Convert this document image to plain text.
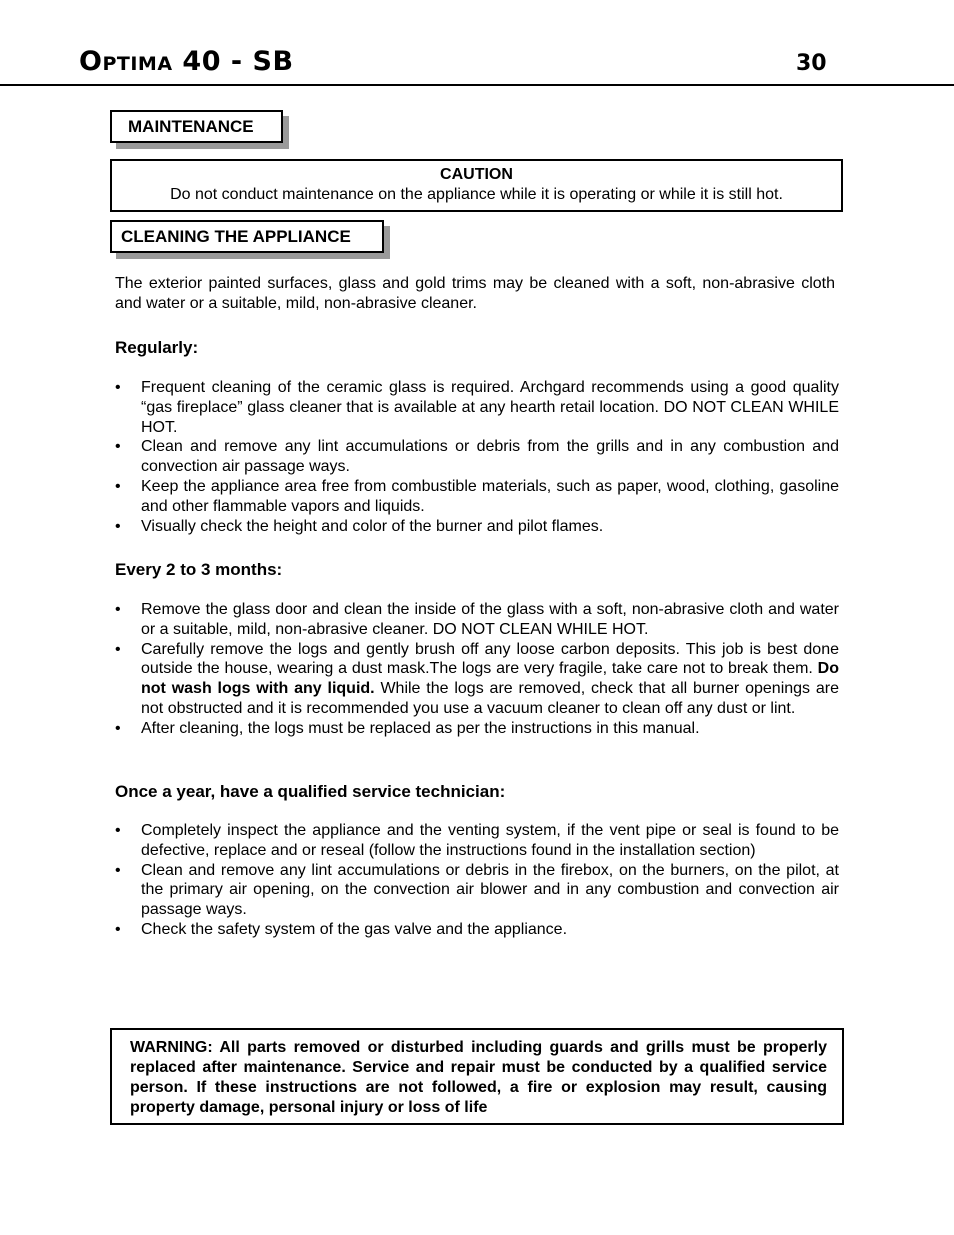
Optima 40 - SB	30
MAINTENANCE
CAUTION
Do not conduct maintenance on the appliance while it is operating or while it is still hot.
CLEANING THE APPLIANCE
The exterior painted surfaces, glass and gold trims may be cleaned with a soft, non-abrasive cloth and water or a suitable, mild, non-abrasive cleaner.
Regularly:
• Frequent cleaning of the ceramic glass is required. Archgard recommends using a good quality “gas fireplace” glass cleaner that is available at any hearth retail location. DO NOT CLEAN WHILE HOT.
• Clean and remove any lint accumulations or debris from the grills and in any combustion and convection air passage ways.
• Keep the appliance area free from combustible materials, such as paper, wood, clothing, gasoline and other flammable vapors and liquids.
• Visually check the height and color of the burner and pilot flames.
Every 2 to 3 months:
• Remove the glass door and clean the inside of the glass with a soft, non-abrasive cloth and water or a suitable, mild, non-abrasive cleaner. DO NOT CLEAN WHILE HOT.
• Carefully remove the logs and gently brush off any loose carbon deposits. This job is best done outside the house, wearing a dust mask.The logs are very fragile, take care not to break them. Do not wash logs with any liquid. While the logs are removed, check that all burner openings are not obstructed and it is recommended you use a vacuum cleaner to clean off any dust or lint.
• After cleaning, the logs must be replaced as per the instructions in this manual.
Once a year, have a qualified service technician:
• Completely inspect the appliance and the venting system, if the vent pipe or seal is found to be defective, replace and or reseal (follow the instructions found in the installation section)
• Clean and remove any lint accumulations or debris in the firebox, on the burners, on the pilot, at the primary air opening, on the convection air blower and in any combustion and convection air passage ways.
• Check the safety system of the gas valve and the appliance.
WARNING: All parts removed or disturbed including guards and grills must be properly replaced after maintenance. Service and repair must be conducted by a qualified service person. If these instructions are not followed, a fire or explosion may result, causing property damage, personal injury or loss of life
